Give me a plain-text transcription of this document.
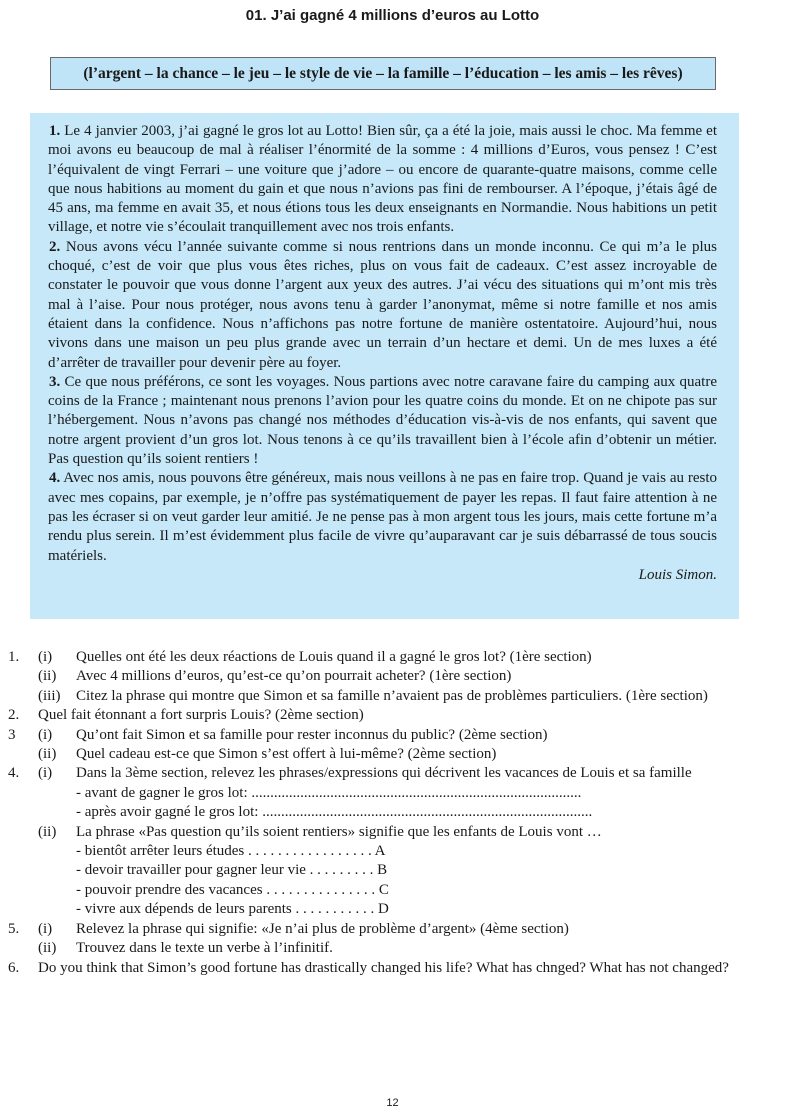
01. J’ai gagné 4 millions d’euros au Lotto
(l’argent – la chance – le jeu – le style de vie – la famille – l’éducation – les amis – les rêves)

1. Le 4 janvier 2003, j’ai gagné le gros lot au Lotto! Bien sûr, ça a été la joie, mais aussi le choc. Ma femme et moi avons eu beaucoup de mal à réaliser l’énormité de la somme : 4 millions d’Euros, vous pensez ! C’est l’équivalent de vingt Ferrari – une voiture que j’adore – ou encore de quarante-quatre maisons, comme celle que nous habitions au moment du gain et que nous n’avions pas fini de rembourser. A l’époque, j’étais âgé de 45 ans, ma femme en avait 35, et nous étions tous les deux enseignants en Normandie. Nous habitions un petit village, et notre vie s’écoulait tranquillement avec nos trois enfants.

2. Nous avons vécu l’année suivante comme si nous rentrions dans un monde inconnu. Ce qui m’a le plus choqué, c’est de voir que plus vous êtes riches, plus on vous fait de cadeaux. C’est assez incroyable de constater le pouvoir que vous donne l’argent aux yeux des autres. J’ai vécu des situations qui m’ont mis très mal à l’aise. Pour nous protéger, nous avons tenu à garder l’anonymat, même si notre famille et nos amis étaient dans la confidence. Nous n’affichons pas notre fortune de manière ostentatoire. Aujourd’hui, nous vivons dans une maison un peu plus grande avec un terrain d’un hectare et demi. Un de mes luxes a été d’arrêter de travailler pour devenir père au foyer.

3. Ce que nous préférons, ce sont les voyages. Nous partions avec notre caravane faire du camping aux quatre coins de la France ; maintenant nous prenons l’avion pour les quatre coins du monde. Et on ne chipote pas sur l’hébergement. Nous n’avons pas changé nos méthodes d’éducation vis-à-vis de nos enfants, qui savent que notre argent provient d’un gros lot. Nous tenons à ce qu’ils travaillent bien à l’école afin d’obtenir un métier. Pas question qu’ils soient rentiers !

4. Avec nos amis, nous pouvons être généreux, mais nous veillons à ne pas en faire trop. Quand je vais au resto avec mes copains, par exemple, je n’offre pas systématiquement de payer les repas. Il faut faire attention à ne pas les écraser si on veut garder leur amitié. Je ne pense pas à mon argent tous les jours, mais cette fortune m’a rendu plus serein. Il m’est évidemment plus facile de vivre qu’auparavant car je suis débarrassé de tous soucis matériels.

Louis Simon.
1.	(i)	Quelles ont été les deux réactions de Louis quand il a gagné le gros lot? (1ère section)
(ii)	Avec 4 millions d’euros, qu’est-ce qu’on pourrait acheter? (1ère section)
(iii)	Citez la phrase qui montre que Simon et sa famille n’avaient pas de problèmes particuliers. (1ère section)
2.	Quel fait étonnant a fort surpris Louis? (2ème section)
3	(i)	Qu’ont fait Simon et sa famille pour rester inconnus du public? (2ème section)
(ii)	Quel cadeau est-ce que Simon s’est offert à lui-même? (2ème section)
4.	(i)	Dans la 3ème section, relevez les phrases/expressions qui décrivent les vacances de Louis et sa famille
- avant de gagner le gros lot: ........................................................................................
- après avoir gagné le gros lot: ........................................................................................
(ii)	La phrase «Pas question qu’ils soient rentiers» signifie que les enfants de Louis vont …
- bientôt arrêter leurs études . . . . . . . . . . . . . . . . . A
- devoir travailler pour gagner leur vie . . . . . . . . . B
- pouvoir prendre des vacances . . . . . . . . . . . . . . . C
- vivre aux dépends de leurs parents . . . . . . . . . . . D
5.	(i)	Relevez la phrase qui signifie: «Je n’ai plus de problème d’argent» (4ème section)
(ii)	Trouvez dans le texte un verbe à l’infinitif.
6.	Do you think that Simon’s good fortune has drastically changed his life? What has chnged? What has not changed?
12
